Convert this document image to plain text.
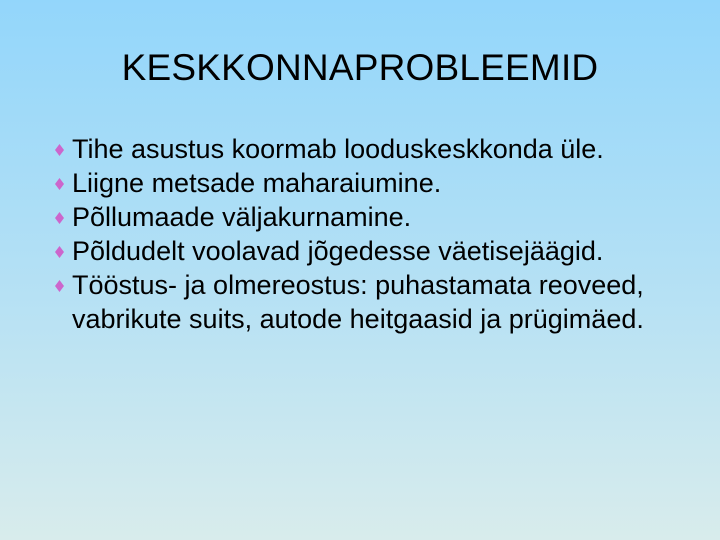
KESKKONNAPROBLEEMID
Tihe asustus koormab looduskeskkonda üle.
Liigne metsade maharaiumine.
Põllumaade väljakurnamine.
Põldudelt voolavad jõgedesse väetisejäägid.
Tööstus- ja olmereostus: puhastamata reoveed, vabrikute suits, autode heitgaasid ja prügimäed.
